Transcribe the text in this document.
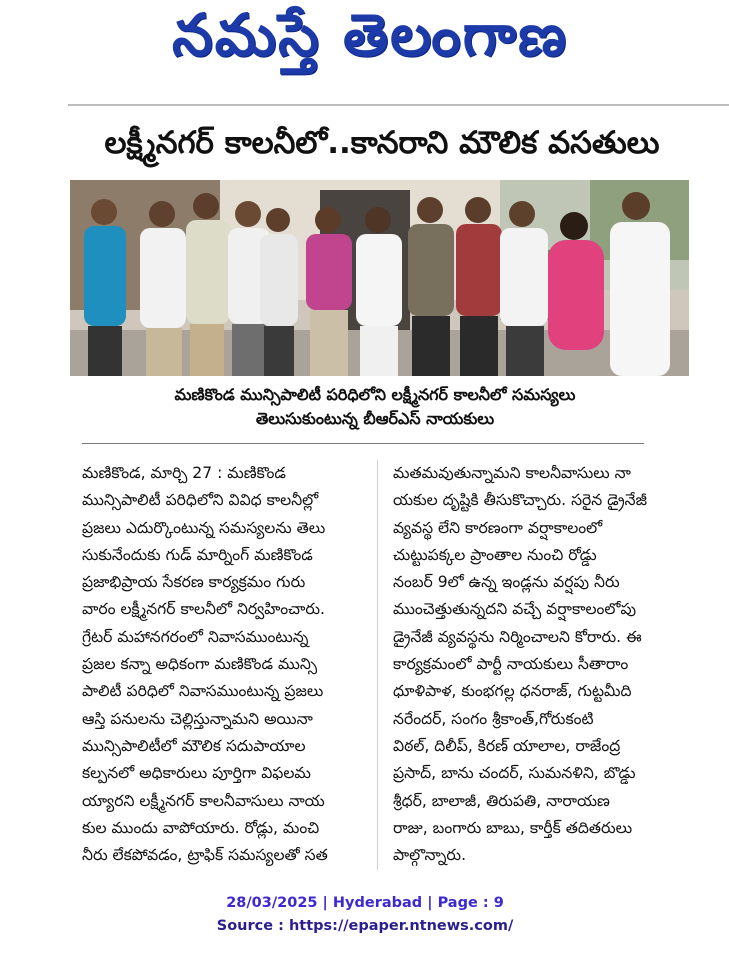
నమస్తే తెలంగాణ
లక్ష్మీనగర్ కాలనీలో..కానరాని మౌలిక వసతులు
మణికొండ మున్సిపాలిటీ పరిధిలోని లక్ష్మీనగర్ కాలనీలో సమస్యలు
తెలుసుకుంటున్న బీఆర్ఎస్ నాయకులు
మణికొండ, మార్చి 27 : మణికొండ
మున్సిపాలిటీ పరిధిలోని వివిధ కాలనీల్లో
ప్రజలు ఎదుర్కొంటున్న సమస్యలను తెలు
సుకునేందుకు గుడ్ మార్నింగ్ మణికొండ
ప్రజాభిప్రాయ సేకరణ కార్యక్రమం గురు
వారం లక్ష్మీనగర్ కాలనీలో నిర్వహించారు.
గ్రేటర్ మహానగరంలో నివాసముంటున్న
ప్రజల కన్నా అధికంగా మణికొండ మున్సి
పాలిటీ పరిధిలో నివాసముంటున్న ప్రజలు
ఆస్తి పనులను చెల్లిస్తున్నామని అయినా
మున్సిపాలిటీలో మౌలిక సదుపాయాల
కల్పనలో అధికారులు పూర్తిగా విఫలమ
య్యారని లక్ష్మీనగర్ కాలనీవాసులు నాయ
కుల ముందు వాపోయారు. రోడ్లు, మంచి
నీరు లేకపోవడం, ట్రాఫిక్ సమస్యలతో సత
మతమవుతున్నామని కాలనీవాసులు నా
యకుల దృష్టికి తీసుకొచ్చారు. సరైన డ్రైనేజీ
వ్యవస్థ లేని కారణంగా వర్షాకాలంలో
చుట్టుపక్కల ప్రాంతాల నుంచి రోడ్డు
నంబర్ 9లో ఉన్న ఇండ్లను వర్షపు నీరు
ముంచెత్తుతున్నదని వచ్చే వర్షాకాలంలోపు
డ్రైనేజీ వ్యవస్థను నిర్మించాలని కోరారు. ఈ
కార్యక్రమంలో పార్టీ నాయకులు సీతారాం
ధూళిపాళ, కుంభగల్ల ధనరాజ్, గుట్టమీది
నరేందర్, సంగం శ్రీకాంత్,గోరుకంటి
విఠల్, దిలీప్, కిరణ్ యాలాల, రాజేంద్ర
ప్రసాద్, బాను చందర్, సుమనళిని, బొడ్డు
శ్రీధర్, బాలాజీ, తిరుపతి, నారాయణ
రాజు, బంగారు బాబు, కార్తీక్ తదితరులు
పాల్గొన్నారు.
28/03/2025 | Hyderabad | Page : 9
Source : https://epaper.ntnews.com/
